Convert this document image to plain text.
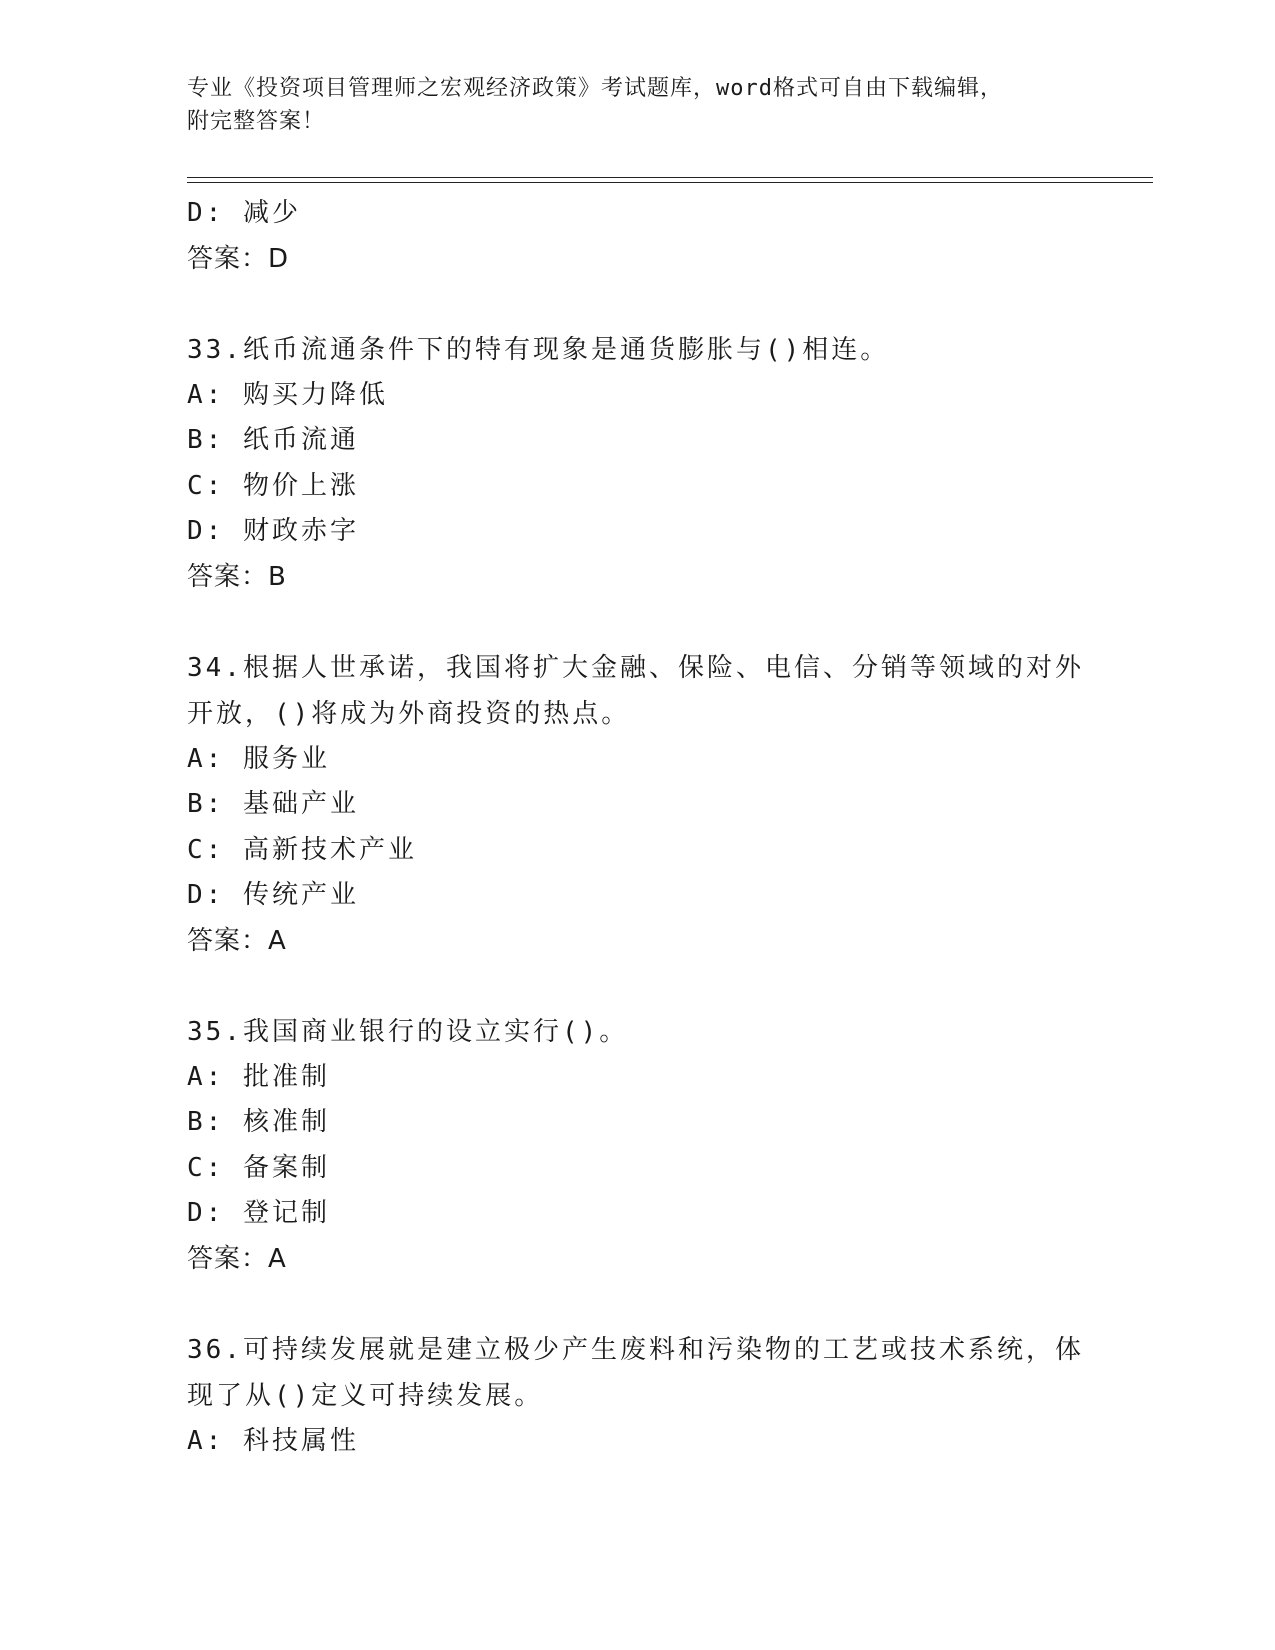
专业《投资项目管理师之宏观经济政策》考试题库，word格式可自由下载编辑，
附完整答案！
D: 减少
答案：D
33.纸币流通条件下的特有现象是通货膨胀与()相连。
A: 购买力降低
B: 纸币流通
C: 物价上涨
D: 财政赤字
答案：B
34.根据人世承诺，我国将扩大金融、保险、电信、分销等领域的对外
开放，()将成为外商投资的热点。
A: 服务业
B: 基础产业
C: 高新技术产业
D: 传统产业
答案：A
35.我国商业银行的设立实行()。
A: 批准制
B: 核准制
C: 备案制
D: 登记制
答案：A
36.可持续发展就是建立极少产生废料和污染物的工艺或技术系统，体
现了从()定义可持续发展。
A: 科技属性
